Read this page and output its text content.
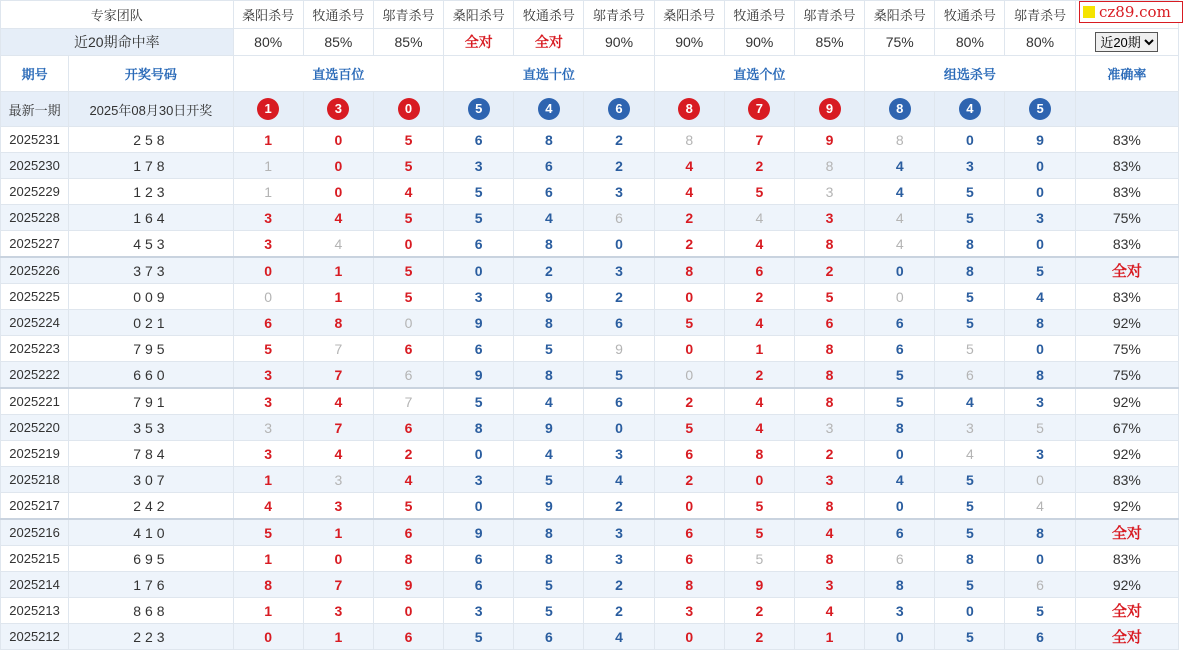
cz89.com
专家团队		桑阳杀号	牧通杀号	邬青杀号	桑阳杀号	牧通杀号	邬青杀号	桑阳杀号	牧通杀号	邬青杀号	桑阳杀号	牧通杀号	邬青杀号	
近20期命中率		80%	85%	85%	全对	全对	90%	90%	90%	85%	75%	80%	80%	
近20期
期号	开奖号码	直选百位			直选十位			直选个位			组选杀号			准确率
最新一期	2025年08月30日开奖	1	3	0	5	4	6	8	7	9	8	4	5	
2025231	258	1	0	5	6	8	2	8	7	9	8	0	9	83%
2025230	178	1	0	5	3	6	2	4	2	8	4	3	0	83%
2025229	123	1	0	4	5	6	3	4	5	3	4	5	0	83%
2025228	164	3	4	5	5	4	6	2	4	3	4	5	3	75%
2025227	453	3	4	0	6	8	0	2	4	8	4	8	0	83%
2025226	373	0	1	5	0	2	3	8	6	2	0	8	5	全对
2025225	009	0	1	5	3	9	2	0	2	5	0	5	4	83%
2025224	021	6	8	0	9	8	6	5	4	6	6	5	8	92%
2025223	795	5	7	6	6	5	9	0	1	8	6	5	0	75%
2025222	660	3	7	6	9	8	5	0	2	8	5	6	8	75%
2025221	791	3	4	7	5	4	6	2	4	8	5	4	3	92%
2025220	353	3	7	6	8	9	0	5	4	3	8	3	5	67%
2025219	784	3	4	2	0	4	3	6	8	2	0	4	3	92%
2025218	307	1	3	4	3	5	4	2	0	3	4	5	0	83%
2025217	242	4	3	5	0	9	2	0	5	8	0	5	4	92%
2025216	410	5	1	6	9	8	3	6	5	4	6	5	8	全对
2025215	695	1	0	8	6	8	3	6	5	8	6	8	0	83%
2025214	176	8	7	9	6	5	2	8	9	3	8	5	6	92%
2025213	868	1	3	0	3	5	2	3	2	4	3	0	5	全对
2025212	223	0	1	6	5	6	4	0	2	1	0	5	6	全对
